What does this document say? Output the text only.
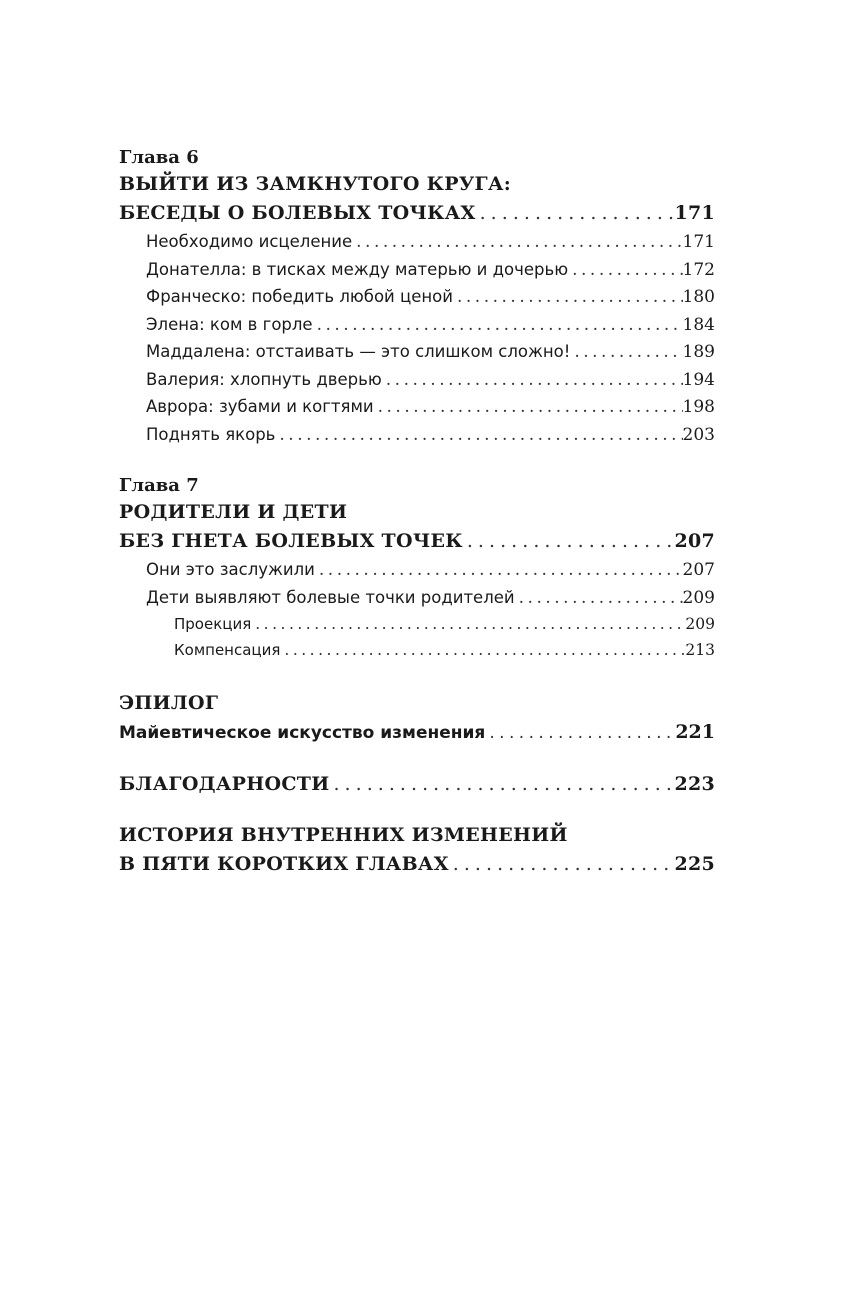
Глава 6
ВЫЙТИ ИЗ ЗАМКНУТОГО КРУГА:
БЕСЕДЫ О БОЛЕВЫХ ТОЧКАХ . . .	171
Необходимо исцеление .....	171
Донателла: в тисках между матерью и дочерью .....	172
Франческо: победить любой ценой .....	180
Элена: ком в горле .....	184
Маддалена: отстаивать — это слишком сложно! .....	189
Валерия: хлопнуть дверью .....	194
Аврора: зубами и когтями .....	198
Поднять якорь .....	203
Глава 7
РОДИТЕЛИ И ДЕТИ
БЕЗ ГНЕТА БОЛЕВЫХ ТОЧЕК . . .	207
Они это заслужили .....	207
Дети выявляют болевые точки родителей .....	209
Проекция .....	209
Компенсация .....	213
ЭПИЛОГ
Майевтическое искусство изменения . . .	221
БЛАГОДАРНОСТИ . . .	223
ИСТОРИЯ ВНУТРЕННИХ ИЗМЕНЕНИЙ
В ПЯТИ КОРОТКИХ ГЛАВАХ . . .	225
